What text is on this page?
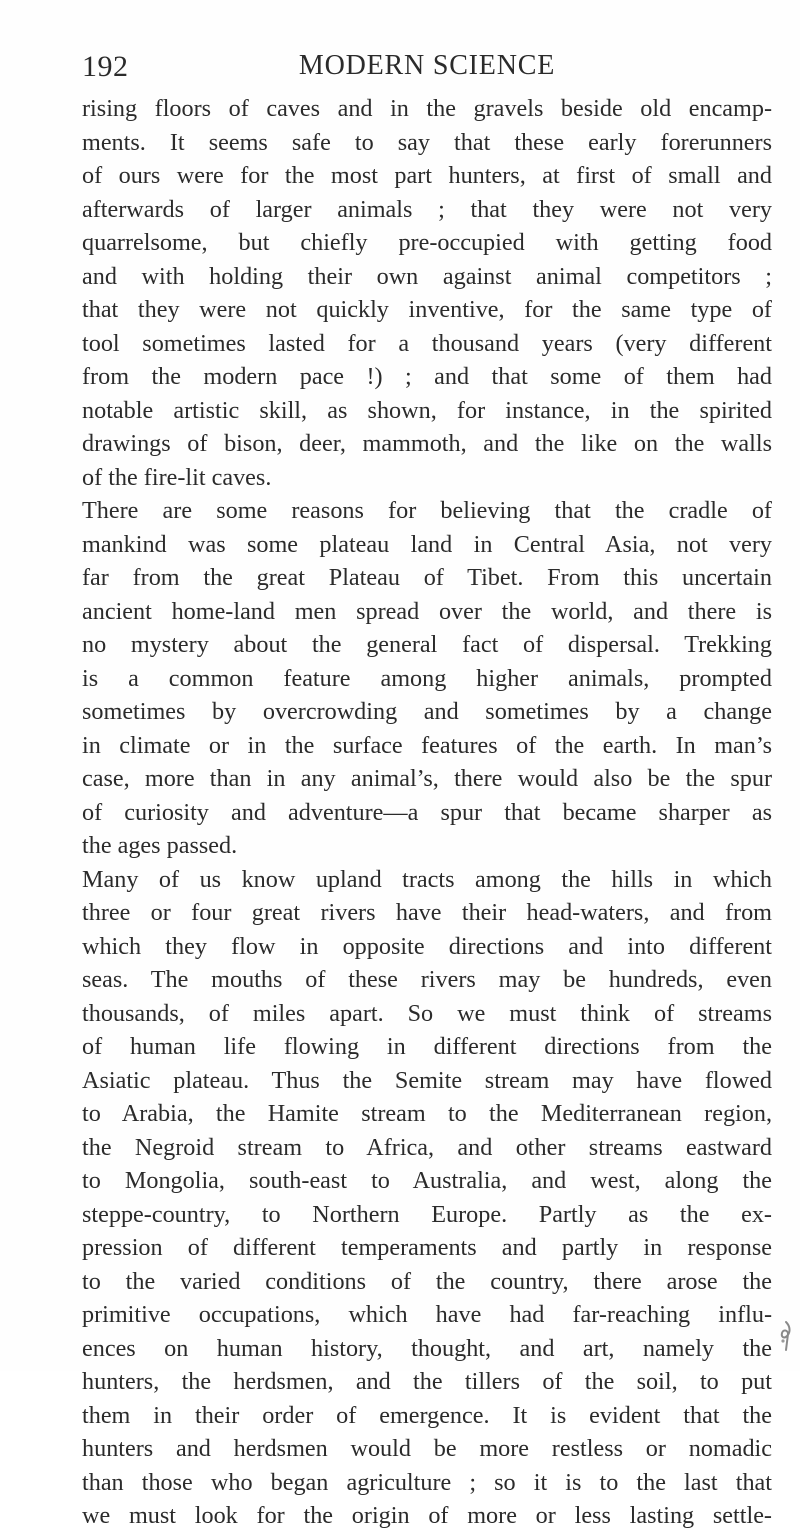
192	MODERN SCIENCE
rising floors of caves and in the gravels beside old encamp-
ments. It seems safe to say that these early forerunners
of ours were for the most part hunters, at first of small and
afterwards of larger animals ; that they were not very
quarrelsome, but chiefly pre-occupied with getting food
and with holding their own against animal competitors ;
that they were not quickly inventive, for the same type of
tool sometimes lasted for a thousand years (very different
from the modern pace !) ; and that some of them had
notable artistic skill, as shown, for instance, in the spirited
drawings of bison, deer, mammoth, and the like on the walls
of the fire-lit caves.
There are some reasons for believing that the cradle of
mankind was some plateau land in Central Asia, not very
far from the great Plateau of Tibet. From this uncertain
ancient home-land men spread over the world, and there is
no mystery about the general fact of dispersal. Trekking
is a common feature among higher animals, prompted
sometimes by overcrowding and sometimes by a change
in climate or in the surface features of the earth. In man’s
case, more than in any animal’s, there would also be the spur
of curiosity and adventure—a spur that became sharper as
the ages passed.
Many of us know upland tracts among the hills in which
three or four great rivers have their head-waters, and from
which they flow in opposite directions and into different
seas. The mouths of these rivers may be hundreds, even
thousands, of miles apart. So we must think of streams
of human life flowing in different directions from the
Asiatic plateau. Thus the Semite stream may have flowed
to Arabia, the Hamite stream to the Mediterranean region,
the Negroid stream to Africa, and other streams eastward
to Mongolia, south-east to Australia, and west, along the
steppe-country, to Northern Europe. Partly as the ex-
pression of different temperaments and partly in response
to the varied conditions of the country, there arose the
primitive occupations, which have had far-reaching influ-
ences on human history, thought, and art, namely the
hunters, the herdsmen, and the tillers of the soil, to put
them in their order of emergence. It is evident that the
hunters and herdsmen would be more restless or nomadic
than those who began agriculture ; so it is to the last that
we must look for the origin of more or less lasting settle-
